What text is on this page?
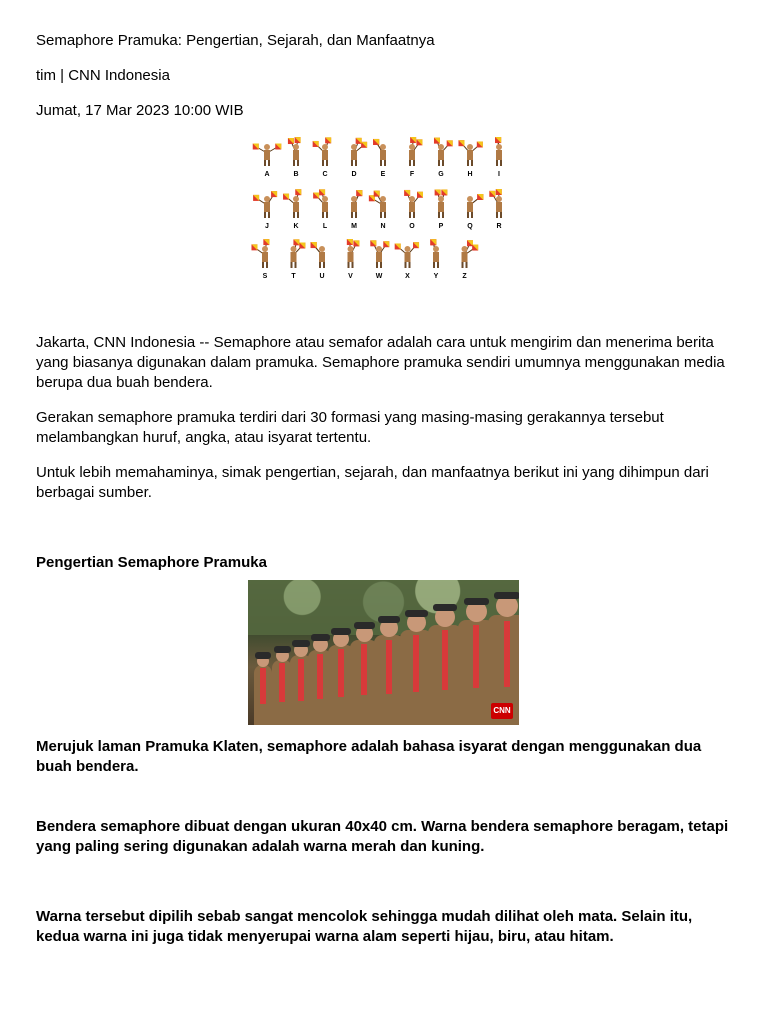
Semaphore Pramuka: Pengertian, Sejarah, dan Manfaatnya

tim | CNN Indonesia

Jumat, 17 Mar 2023 10:00 WIB

A	B	C	D	E	F	G	H	I
J	K	L	M	N	O	P	Q	R
S	T	U	V	W	X	Y	Z

Jakarta, CNN Indonesia -- Semaphore atau semafor adalah cara untuk mengirim dan menerima berita yang biasanya digunakan dalam pramuka. Semaphore pramuka sendiri umumnya menggunakan media berupa dua buah bendera.

Gerakan semaphore pramuka terdiri dari 30 formasi yang masing-masing gerakannya tersebut melambangkan huruf, angka, atau isyarat tertentu.

Untuk lebih memahaminya, simak pengertian, sejarah, dan manfaatnya berikut ini yang dihimpun dari berbagai sumber.

Pengertian Semaphore Pramuka

CNN

Merujuk laman Pramuka Klaten, semaphore adalah bahasa isyarat dengan menggunakan dua buah bendera.

Bendera semaphore dibuat dengan ukuran 40x40 cm. Warna bendera semaphore beragam, tetapi yang paling sering digunakan adalah warna merah dan kuning.

Warna tersebut dipilih sebab sangat mencolok sehingga mudah dilihat oleh mata. Selain itu, kedua warna ini juga tidak menyerupai warna alam seperti hijau, biru, atau hitam.
